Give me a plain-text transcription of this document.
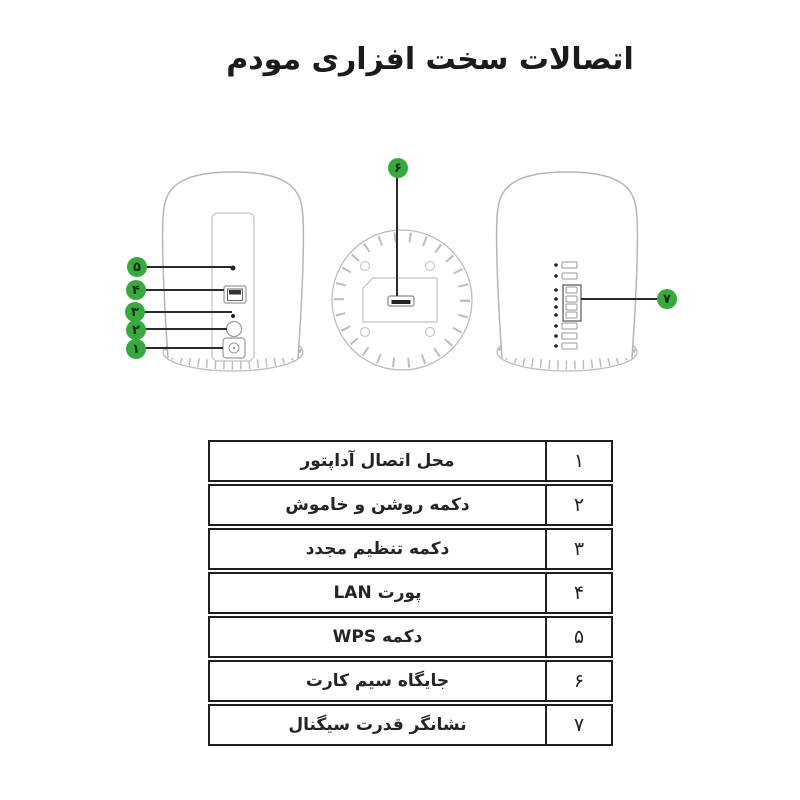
اتصالات سخت افزاری مودم
۵
۴
۳
۲
۱
۶
۷
۱
محل اتصال آداپتور
۲
دکمه روشن و خاموش
۳
دکمه تنظیم مجدد
۴
پورت LAN
۵
دکمه WPS
۶
جایگاه سیم کارت
۷
نشانگر قدرت سیگنال
